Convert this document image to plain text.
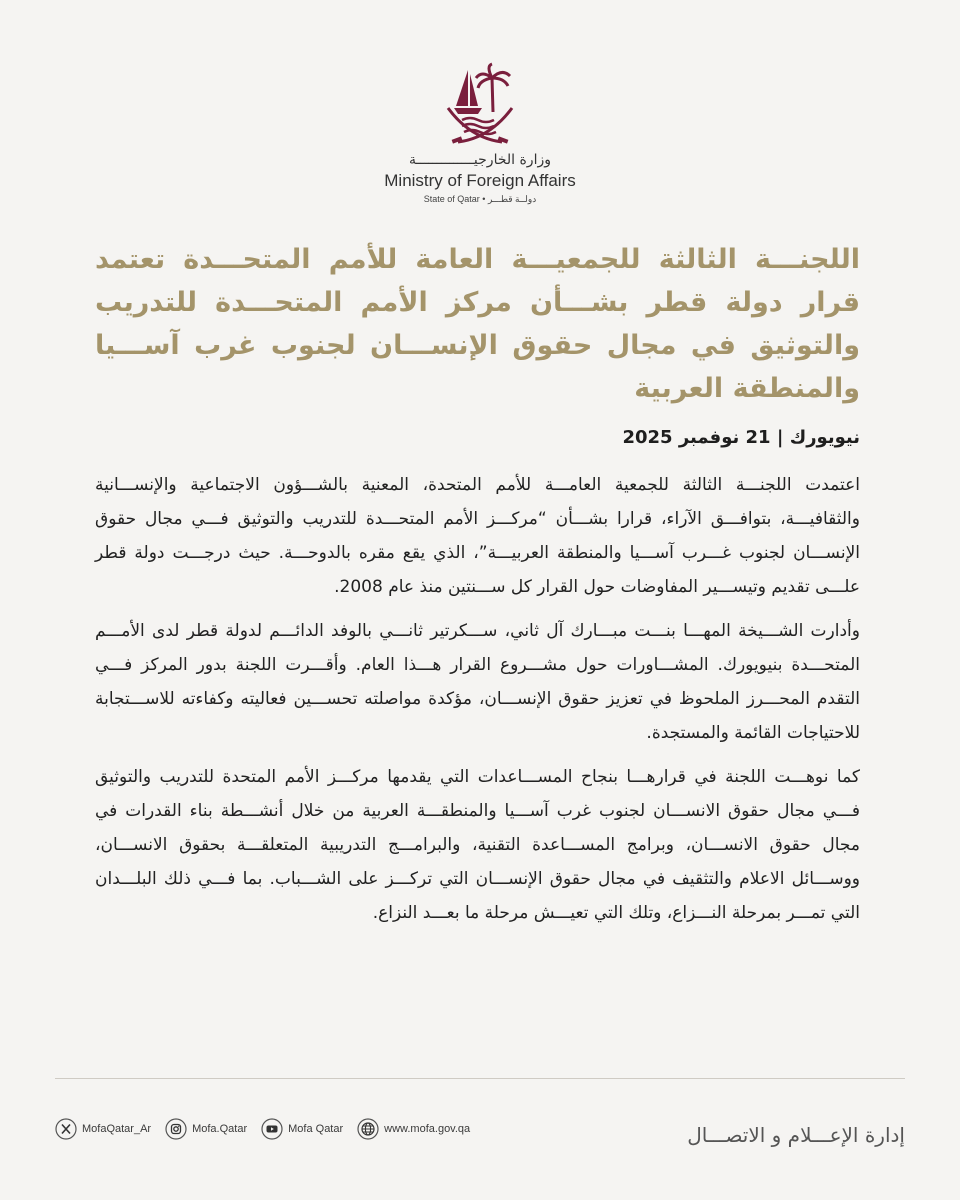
وزارة الخارجيــــــــــــــة
Ministry of Foreign Affairs
State of Qatar • دولــة قطـــر
اللجنـــة الثالثة للجمعيـــة العامة للأمم المتحـــدة تعتمد قرار دولة قطر بشـــأن مركز الأمم المتحـــدة للتدريب والتوثيق في مجال حقوق الإنســـان لجنوب غرب آســـيا والمنطقة العربية
نيويورك | 21 نوفمبر 2025

اعتمدت اللجنـــة الثالثة للجمعية العامـــة للأمم المتحدة، المعنية بالشـــؤون الاجتماعية والإنســـانية والثقافيـــة، بتوافـــق الآراء، قرارا بشـــأن “مركـــز الأمم المتحـــدة للتدريب والتوثيق فـــي مجال حقوق الإنســـان لجنوب غـــرب آســـيا والمنطقة العربيـــة”، الذي يقع مقره بالدوحـــة. حيث درجـــت دولة قطر علـــى تقديم وتيســـير المفاوضات حول القرار كل ســـنتين منذ عام 2008.

وأدارت الشـــيخة المهـــا بنـــت مبـــارك آل ثاني، ســـكرتير ثانـــي بالوفد الدائـــم لدولة قطر لدى الأمـــم المتحـــدة بنيويورك. المشـــاورات حول مشـــروع القرار هـــذا العام. وأقـــرت اللجنة بدور المركز فـــي التقدم المحـــرز الملحوظ في تعزيز حقوق الإنســـان، مؤكدة مواصلته تحســـين فعاليته وكفاءته للاســـتجابة للاحتياجات القائمة والمستجدة.

كما نوهـــت اللجنة في قرارهـــا بنجاح المســـاعدات التي يقدمها مركـــز الأمم المتحدة للتدريب والتوثيق فـــي مجال حقوق الانســـان لجنوب غرب آســـيا والمنطقـــة العربية من خلال أنشـــطة بناء القدرات في مجال حقوق الانســـان، وبرامج المســـاعدة التقنية، والبرامـــج التدريبية المتعلقـــة بحقوق الانســـان، ووســـائل الاعلام والتثقيف في مجال حقوق الإنســـان التي تركـــز على الشـــباب. بما فـــي ذلك البلـــدان التي تمـــر بمرحلة النـــزاع، وتلك التي تعيـــش مرحلة ما بعـــد النزاع.

MofaQatar_Ar	Mofa.Qatar	Mofa Qatar	www.mofa.gov.qa	إدارة الإعـــلام و الاتصـــال
